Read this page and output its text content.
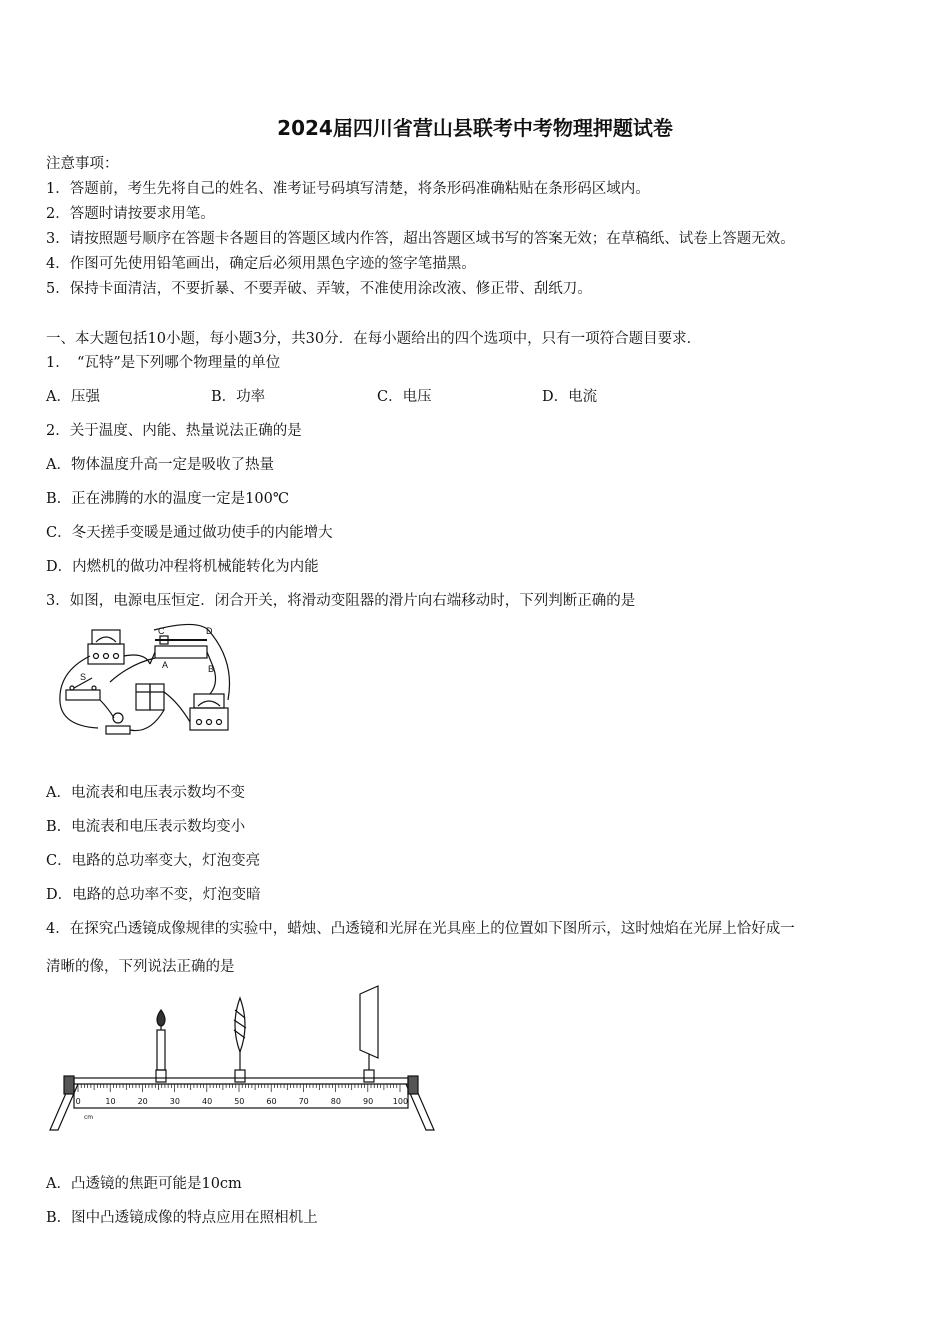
2024届四川省营山县联考中考物理押题试卷
注意事项：
1．答题前，考生先将自己的姓名、准考证号码填写清楚，将条形码准确粘贴在条形码区域内。
2．答题时请按要求用笔。
3．请按照题号顺序在答题卡各题目的答题区域内作答，超出答题区域书写的答案无效；在草稿纸、试卷上答题无效。
4．作图可先使用铅笔画出，确定后必须用黑色字迹的签字笔描黑。
5．保持卡面清洁，不要折暴、不要弄破、弄皱，不准使用涂改液、修正带、刮纸刀。
一、本大题包括10小题，每小题3分，共30分．在每小题给出的四个选项中，只有一项符合题目要求．
1．　“瓦特”是下列哪个物理量的单位
A．压强	B．功率	C．电压	D．电流
2．关于温度、内能、热量说法正确的是
A．物体温度升高一定是吸收了热量
B．正在沸腾的水的温度一定是100℃
C．冬天搓手变暖是通过做功使手的内能增大
D．内燃机的做功冲程将机械能转化为内能
3．如图，电源电压恒定．闭合开关，将滑动变阻器的滑片向右端移动时，下列判断正确的是
C	D
A	B
S
A．电流表和电压表示数均不变
B．电流表和电压表示数均变小
C．电路的总功率变大，灯泡变亮
D．电路的总功率不变，灯泡变暗
4．在探究凸透镜成像规律的实验中，蜡烛、凸透镜和光屏在光具座上的位置如下图所示，这时烛焰在光屏上恰好成一
清晰的像，下列说法正确的是
0	10	20	30	40	50	60	70	80	90 100
cm
A．凸透镜的焦距可能是10cm
B．图中凸透镜成像的特点应用在照相机上
